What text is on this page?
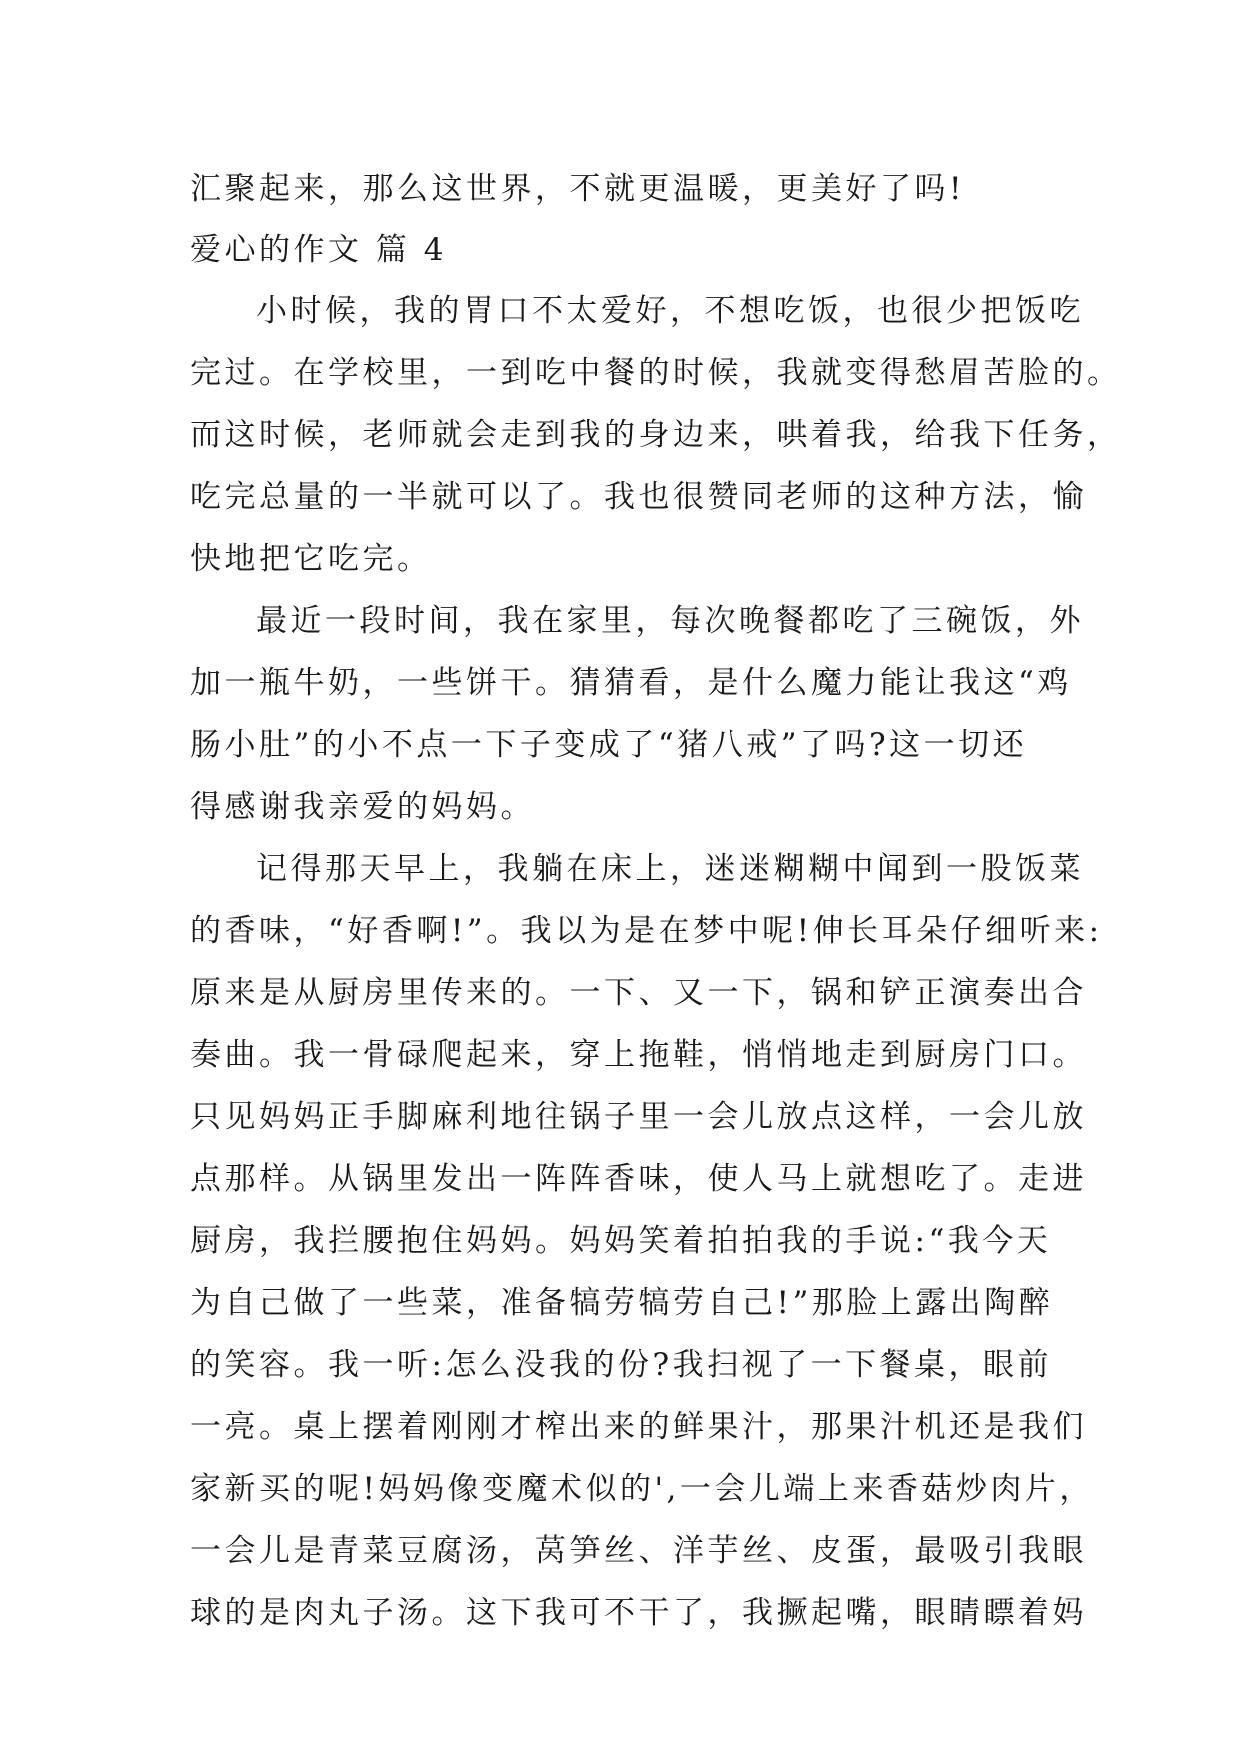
汇聚起来，那么这世界，不就更温暖，更美好了吗!
爱心的作文 篇 4
小时候，我的胃口不太爱好，不想吃饭，也很少把饭吃
完过。在学校里，一到吃中餐的时候，我就变得愁眉苦脸的。
而这时候，老师就会走到我的身边来，哄着我，给我下任务，
吃完总量的一半就可以了。我也很赞同老师的这种方法，愉
快地把它吃完。
最近一段时间，我在家里，每次晚餐都吃了三碗饭，外
加一瓶牛奶，一些饼干。猜猜看，是什么魔力能让我这“鸡
肠小肚”的小不点一下子变成了“猪八戒”了吗?这一切还
得感谢我亲爱的妈妈。
记得那天早上，我躺在床上，迷迷糊糊中闻到一股饭菜
的香味，“好香啊!”。我以为是在梦中呢!伸长耳朵仔细听来:
原来是从厨房里传来的。一下、又一下，锅和铲正演奏出合
奏曲。我一骨碌爬起来，穿上拖鞋，悄悄地走到厨房门口。
只见妈妈正手脚麻利地往锅子里一会儿放点这样，一会儿放
点那样。从锅里发出一阵阵香味，使人马上就想吃了。走进
厨房，我拦腰抱住妈妈。妈妈笑着拍拍我的手说:“我今天
为自己做了一些菜，准备犒劳犒劳自己!”那脸上露出陶醉
的笑容。我一听:怎么没我的份?我扫视了一下餐桌，眼前
一亮。桌上摆着刚刚才榨出来的鲜果汁，那果汁机还是我们
家新买的呢!妈妈像变魔术似的',一会儿端上来香菇炒肉片，
一会儿是青菜豆腐汤，莴笋丝、洋芋丝、皮蛋，最吸引我眼
球的是肉丸子汤。这下我可不干了，我撅起嘴，眼睛瞟着妈
